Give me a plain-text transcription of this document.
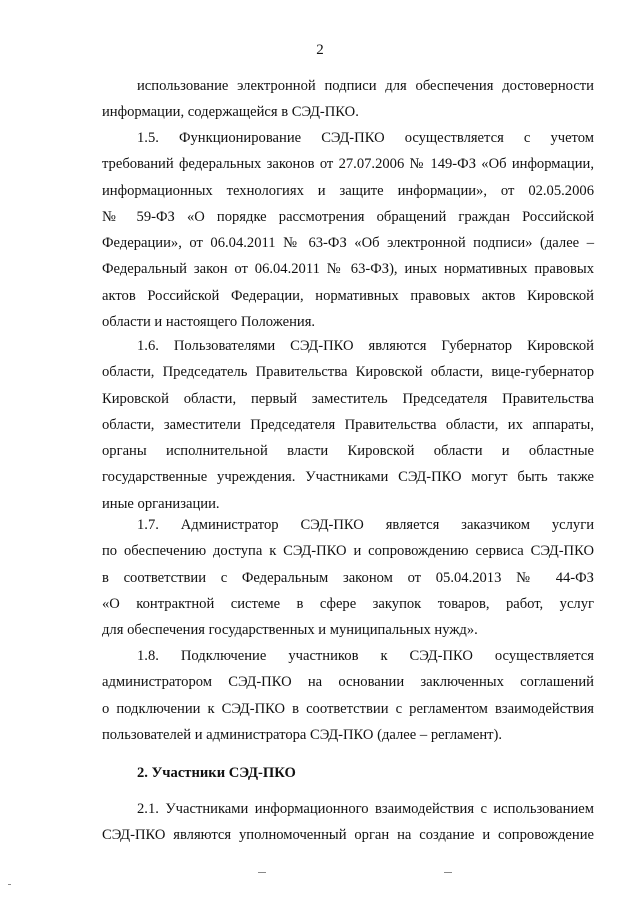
2
использование электронной подписи для обеспечения достоверности
информации, содержащейся в СЭД-ПКО.
1.5. Функционирование СЭД-ПКО осуществляется с учетом
требований федеральных законов от 27.07.2006 № 149-ФЗ «Об информации,
информационных технологиях и защите информации», от 02.05.2006
№ 59-ФЗ «О порядке рассмотрения обращений граждан Российской
Федерации», от 06.04.2011 № 63-ФЗ «Об электронной подписи» (далее –
Федеральный закон от 06.04.2011 № 63-ФЗ), иных нормативных правовых
актов Российской Федерации, нормативных правовых актов Кировской
области и настоящего Положения.
1.6. Пользователями СЭД-ПКО являются Губернатор Кировской
области, Председатель Правительства Кировской области, вице-губернатор
Кировской области, первый заместитель Председателя Правительства
области, заместители Председателя Правительства области, их аппараты,
органы исполнительной власти Кировской области и областные
государственные учреждения. Участниками СЭД-ПКО могут быть также
иные организации.
1.7. Администратор СЭД-ПКО является заказчиком услуги
по обеспечению доступа к СЭД-ПКО и сопровождению сервиса СЭД-ПКО
в соответствии с Федеральным законом от 05.04.2013 № 44-ФЗ
«О контрактной системе в сфере закупок товаров, работ, услуг
для обеспечения государственных и муниципальных нужд».
1.8. Подключение участников к СЭД-ПКО осуществляется
администратором СЭД-ПКО на основании заключенных соглашений
о подключении к СЭД-ПКО в соответствии с регламентом взаимодействия
пользователей и администратора СЭД-ПКО (далее – регламент).
2. Участники СЭД-ПКО
2.1. Участниками информационного взаимодействия с использованием
СЭД-ПКО являются уполномоченный орган на создание и сопровождение
